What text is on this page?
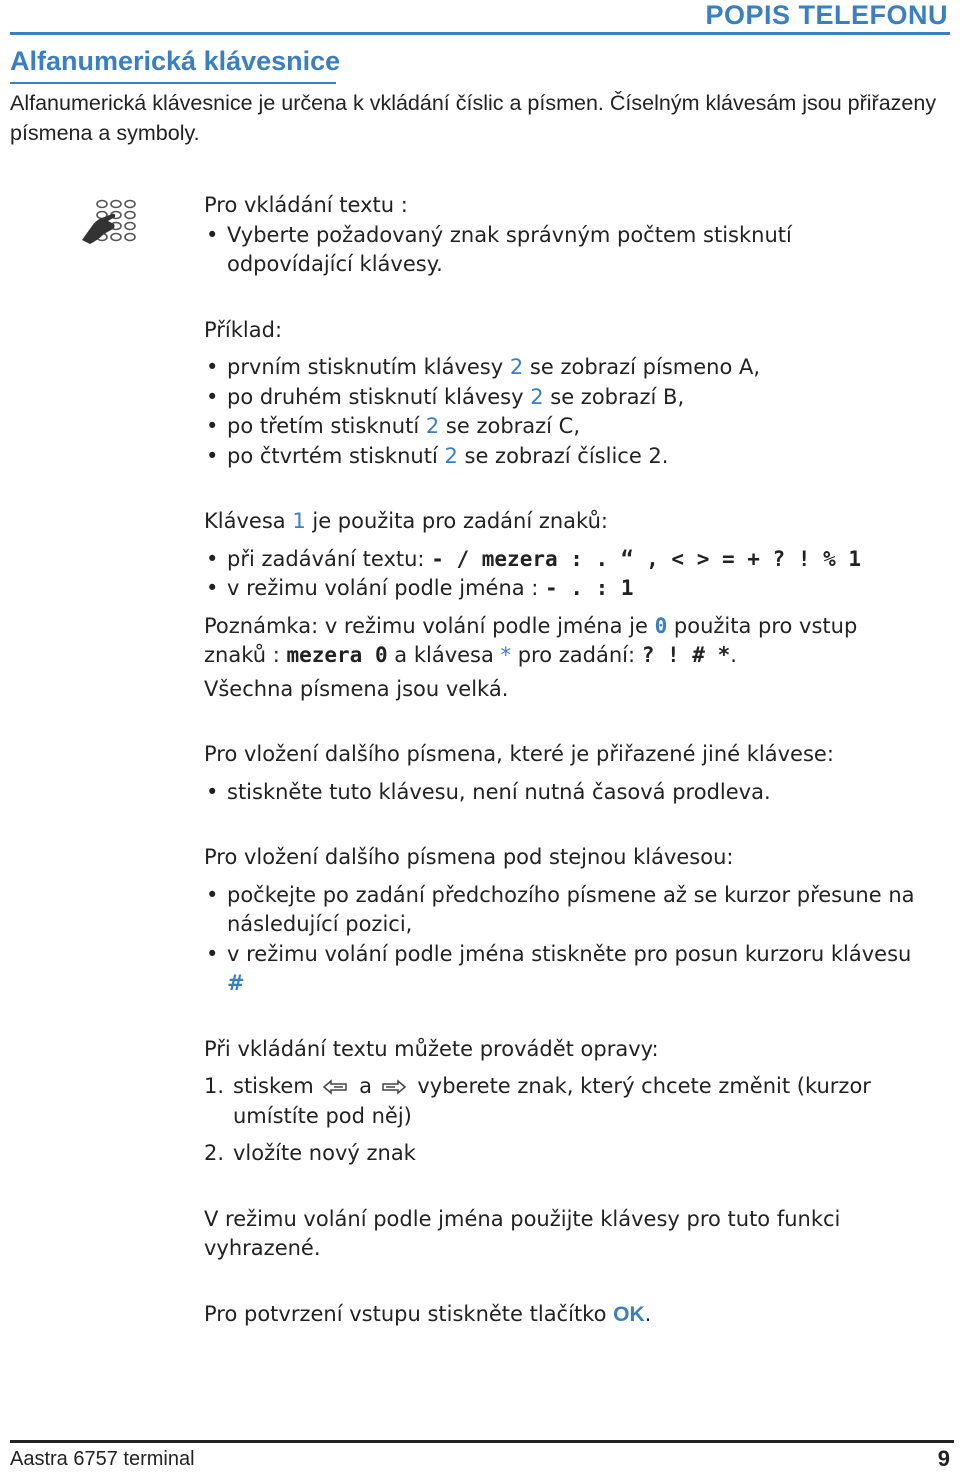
POPIS TELEFONU
Alfanumerická klávesnice
Alfanumerická klávesnice je určena k vkládání číslic a písmen. Číselným klávesám jsou přiřazeny písmena a symboly.

Pro vkládání textu :

• Vyberte požadovaný znak správným počtem stisknutí odpovídající klávesy.

Příklad:

• prvním stisknutím klávesy 2 se zobrazí písmeno A,
• po druhém stisknutí klávesy 2 se zobrazí B,
• po třetím stisknutí 2 se zobrazí C,
• po čtvrtém stisknutí 2 se zobrazí číslice 2.

Klávesa 1 je použita pro zadání znaků:

• při zadávání textu: - / mezera : . “ , < > = + ? ! % 1
• v režimu volání podle jména : - . : 1

Poznámka: v režimu volání podle jména je 0 použita pro vstup znaků : mezera 0 a klávesa * pro zadání: ? ! # *.

Všechna písmena jsou velká.

Pro vložení dalšího písmena, které je přiřazené jiné klávese:

• stiskněte tuto klávesu, není nutná časová prodleva.

Pro vložení dalšího písmena pod stejnou klávesou:

• počkejte po zadání předchozího písmene až se kurzor přesune na následující pozici,
• v režimu volání podle jména stiskněte pro posun kurzoru klávesu #

Při vkládání textu můžete provádět opravy:

1. stiskem a vyberete znak, který chcete změnit (kurzor umístíte pod něj)
2. vložíte nový znak

V režimu volání podle jména použijte klávesy pro tuto funkci vyhrazené.

Pro potvrzení vstupu stiskněte tlačítko OK.

Aastra 6757 terminal	9
